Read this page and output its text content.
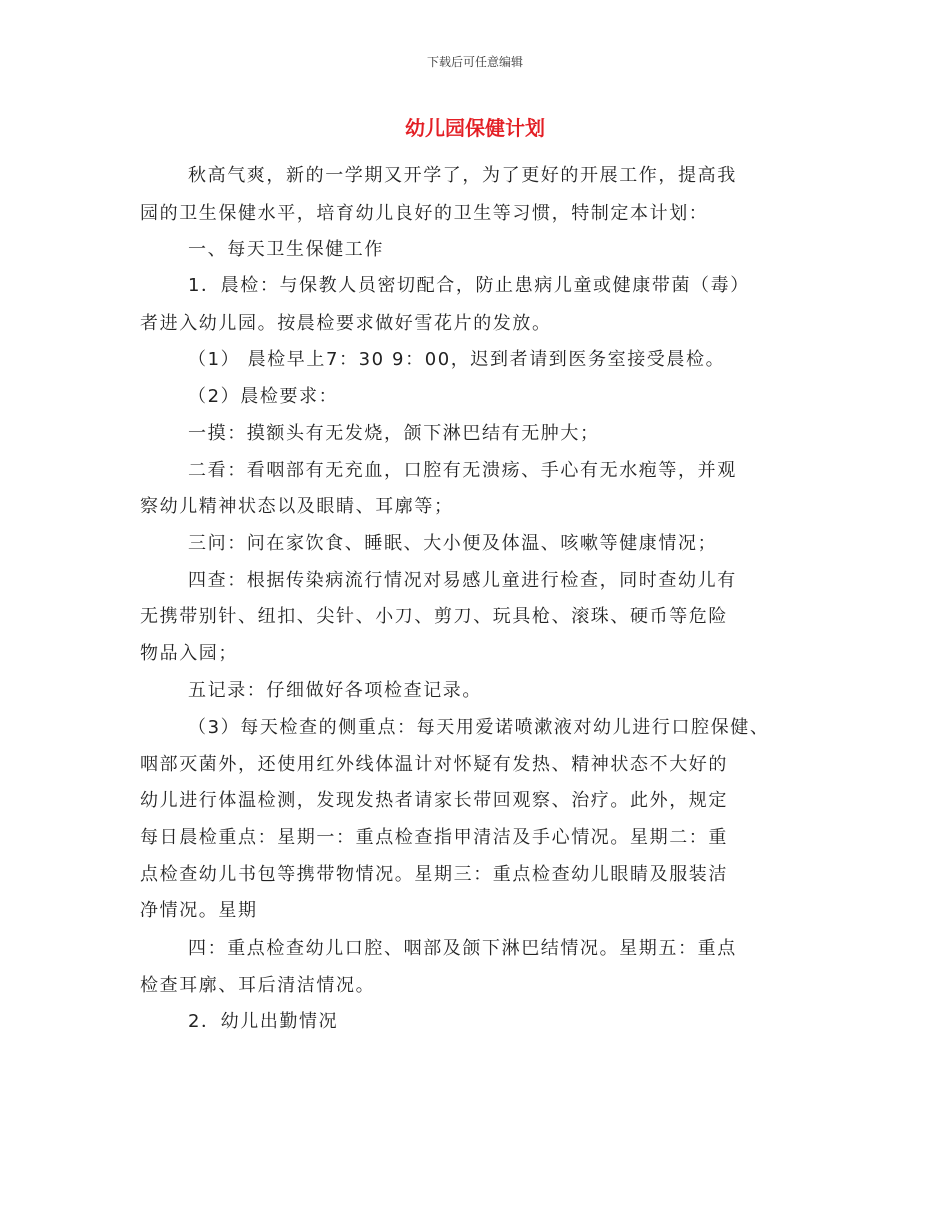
下载后可任意编辑
幼儿园保健计划
秋高气爽，新的一学期又开学了，为了更好的开展工作，提高我
园的卫生保健水平，培育幼儿良好的卫生等习惯，特制定本计划：
一、每天卫生保健工作
1．晨检：与保教人员密切配合，防止患病儿童或健康带菌（毒）
者进入幼儿园。按晨检要求做好雪花片的发放。
（1） 晨检早上7：30 9：00，迟到者请到医务室接受晨检。
（2）晨检要求：
一摸：摸额头有无发烧，颌下淋巴结有无肿大；
二看：看咽部有无充血，口腔有无溃疡、手心有无水疱等，并观
察幼儿精神状态以及眼睛、耳廓等；
三问：问在家饮食、睡眠、大小便及体温、咳嗽等健康情况；
四查：根据传染病流行情况对易感儿童进行检查，同时查幼儿有
无携带别针、纽扣、尖针、小刀、剪刀、玩具枪、滚珠、硬币等危险
物品入园；
五记录：仔细做好各项检查记录。
（3）每天检查的侧重点：每天用爱诺喷漱液对幼儿进行口腔保健、
咽部灭菌外，还使用红外线体温计对怀疑有发热、精神状态不大好的
幼儿进行体温检测，发现发热者请家长带回观察、治疗。此外，规定
每日晨检重点：星期一：重点检查指甲清洁及手心情况。星期二：重
点检查幼儿书包等携带物情况。星期三：重点检查幼儿眼睛及服装洁
净情况。星期
四：重点检查幼儿口腔、咽部及颌下淋巴结情况。星期五：重点
检查耳廓、耳后清洁情况。
2．幼儿出勤情况
